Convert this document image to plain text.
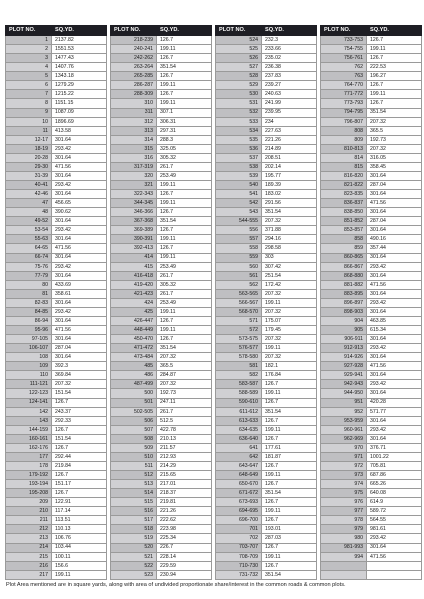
PLOT NO.	SQ.YD.
1	2137.82
2	1551.53
3	1477.43
4	1407.76
5	1343.18
6	1279.29
7	1215.22
8	1151.15
9	1087.09
10	1896.69
11	413.58
12-17	301.64
18-19	293.42
20-28	301.64
29-30	471.56
31-39	301.64
40-41	293.42
42-46	301.64
47	456.65
48	390.62
49-52	301.64
53-54	293.42
55-63	301.64
64-65	471.56
66-74	301.64
75-76	293.42
77-79	301.64
80	433.69
81	358.61
82-83	301.64
84-85	293.42
86-94	301.64
95-96	471.56
97-105	301.64
106-107	287.04
108	301.64
109	392.3
110	369.84
111-121	207.32
122-123	151.54
124-141	126.7
142	243.37
143	292.33
144-159	126.7
160-161	151.54
162-176	126.7
177	292.44
178	219.84
179-192	126.7
193-194	151.17
195-208	126.7
209	122.91
210	117.14
211	113.51
212	110.13
213	106.76
214	103.44
215	100.11
216	156.6
217	199.11
PLOT NO.	SQ.YD.
218-239	126.7
240-241	199.11
242-262	126.7
263-264	351.54
265-285	126.7
286-287	199.11
288-309	126.7
310	199.11
311	307.1
312	306.31
313	297.31
314	288.3
315	325.05
316	305.32
317-319	261.7
320	253.49
321	199.11
322-343	126.7
344-345	199.11
346-366	126.7
367-368	351.54
369-389	126.7
390-391	199.11
392-413	126.7
414	199.11
415	253.49
416-418	261.7
419-420	305.32
421-423	261.7
424	253.49
425	199.11
426-447	126.7
448-449	199.11
450-470	126.7
471-472	351.54
473-484	207.32
485	365.5
486	284.87
487-499	207.32
500	192.73
501	247.11
502-505	261.7
506	512.5
507	422.78
508	210.13
509	211.57
510	212.93
511	214.29
512	215.65
513	217.01
514	218.37
515	219.81
516	221.26
517	222.62
518	223.98
519	225.34
520	226.7
521	228.14
522	229.59
523	230.94
PLOT NO.	SQ.YD.
524	232.3
525	233.66
526	235.02
527	236.38
528	237.83
529	239.27
530	240.63
531	241.99
532	239.95
533	234
534	227.63
535	221.26
536	214.89
537	208.51
538	202.14
539	195.77
540	189.39
541	183.02
542	291.56
543	351.54
544-555	207.32
556	371.88
557	294.16
558	298.58
559	303
560	307.42
561	251.54
562	172.42
563-565	207.32
566-567	199.11
568-570	207.32
571	175.07
572	179.45
573-575	207.32
576-577	199.11
578-580	207.32
581	182.1
582	176.84
583-587	126.7
588-589	199.11
590-610	126.7
611-612	351.54
613-633	126.7
634-635	199.11
636-640	126.7
641	177.61
642	181.87
643-647	126.7
648-649	199.11
650-670	126.7
671-672	351.54
673-693	126.7
694-695	199.11
696-700	126.7
701	193.01
702	287.03
703-707	126.7
708-709	199.11
710-730	126.7
731-732	351.54
PLOT NO.	SQ.YD.
733-753	126.7
754-755	199.11
756-761	126.7
762	222.53
763	196.27
764-770	126.7
771-772	199.11
773-793	126.7
794-795	351.54
796-807	207.32
808	365.5
809	192.73
810-813	207.32
814	316.05
815	358.45
816-820	301.64
821-822	287.04
823-835	301.64
836-837	471.56
838-850	301.64
851-852	287.04
853-857	301.64
858	490.16
859	357.44
860-865	301.64
866-867	293.42
868-880	301.64
881-882	471.56
883-895	301.64
896-897	293.42
898-903	301.64
904	463.85
905	615.34
906-911	301.64
912-913	293.42
914-926	301.64
927-928	471.56
929-941	301.64
942-943	293.42
944-950	301.64
951	420.28
952	571.77
953-959	301.64
960-961	293.42
962-969	301.64
970	376.71
971	1001.22
972	705.81
973	687.86
974	665.26
975	640.08
976	614.9
977	589.72
978	564.55
979	981.61
980	293.42
981-993	301.64
994	471.56

Plot Area mentioned are in square yards, along with area of undivided proportionate share/interest in the common roads & common plots.
